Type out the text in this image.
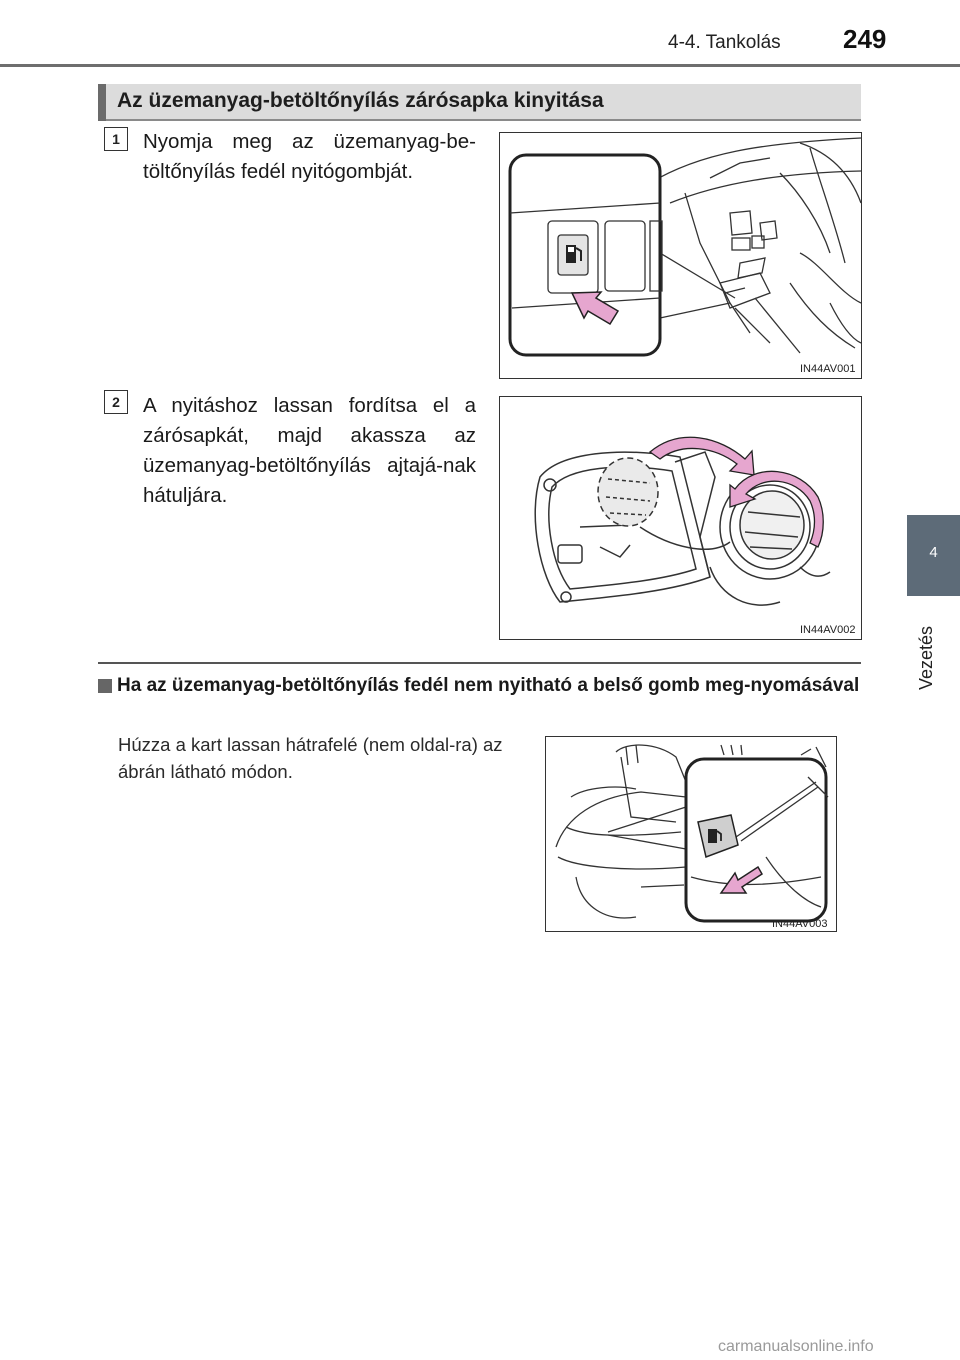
4-4. Tankolás 249
4
Vezetés
Az üzemanyag-betöltőnyílás zárósapka kinyitása
1	Nyomja meg az üzemanyag-be-töltőnyílás fedél nyitógombját.
IN44AV001
2	A nyitáshoz lassan fordítsa el a zárósapkát, majd akassza az üzemanyag-betöltőnyílás ajtajá-nak hátuljára.
IN44AV002
Ha az üzemanyag-betöltőnyílás fedél nem nyitható a belső gomb meg-nyomásával
Húzza a kart lassan hátrafelé (nem oldal-ra) az ábrán látható módon.
IN44AV003
carmanualsonline.info
